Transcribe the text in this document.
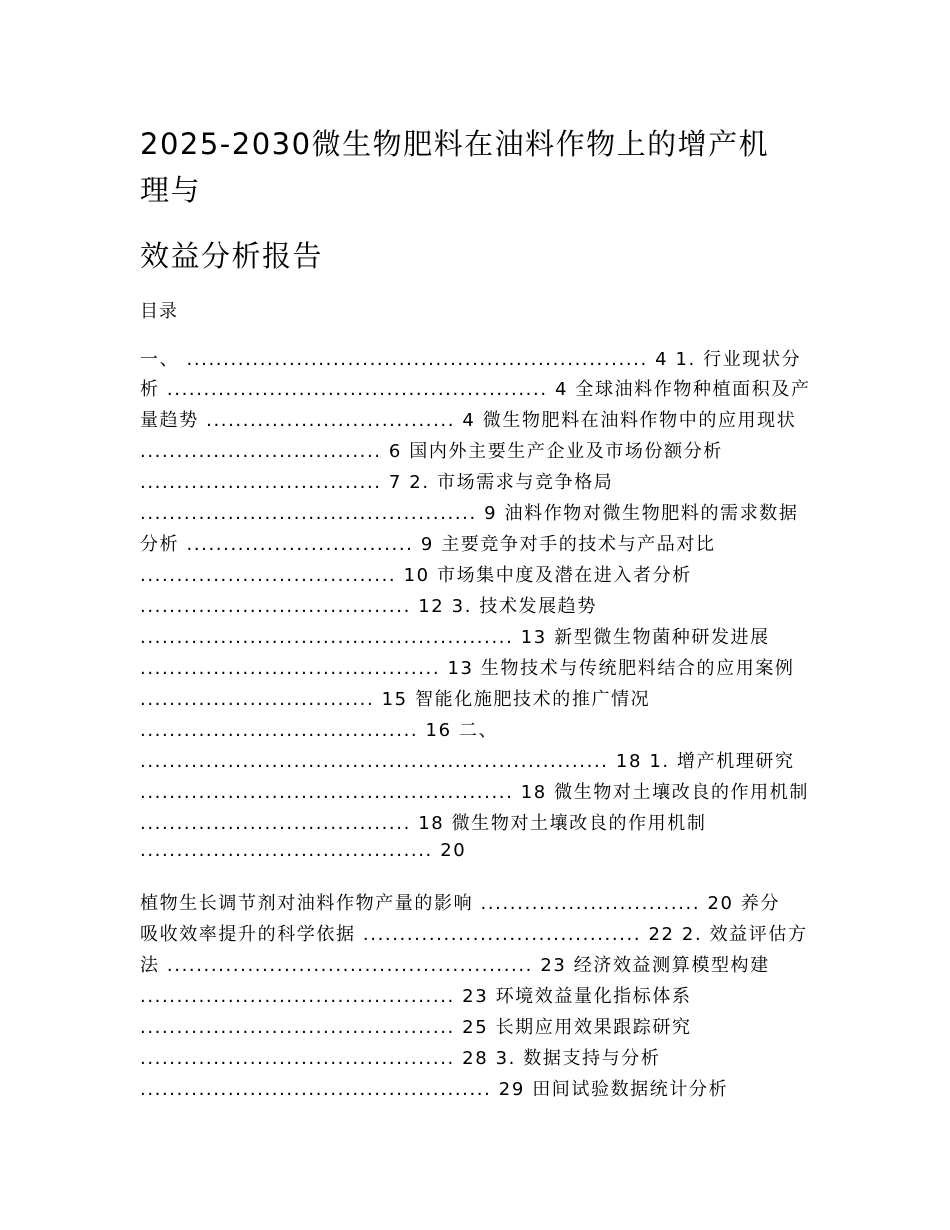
2025-2030微生物肥料在油料作物上的增产机
理与
效益分析报告
目录
一、 ............................................................... 4 1. 行业现状分
析 .................................................... 4 全球油料作物种植面积及产
量趋势 .................................. 4 微生物肥料在油料作物中的应用现状
................................. 6 国内外主要生产企业及市场份额分析
................................. 7 2. 市场需求与竞争格局
.............................................. 9 油料作物对微生物肥料的需求数据
分析 ............................... 9 主要竞争对手的技术与产品对比
................................... 10 市场集中度及潜在进入者分析
..................................... 12 3. 技术发展趋势
................................................... 13 新型微生物菌种研发进展
......................................... 13 生物技术与传统肥料结合的应用案例
................................ 15 智能化施肥技术的推广情况
...................................... 16 二、
................................................................ 18 1. 增产机理研究
................................................... 18 微生物对土壤改良的作用机制
..................................... 18 微生物对土壤改良的作用机制
........................................ 20
植物生长调节剂对油料作物产量的影响 .............................. 20 养分
吸收效率提升的科学依据 ...................................... 22 2. 效益评估方
法 .................................................. 23 经济效益测算模型构建
........................................... 23 环境效益量化指标体系
........................................... 25 长期应用效果跟踪研究
........................................... 28 3. 数据支持与分析
................................................ 29 田间试验数据统计分析
